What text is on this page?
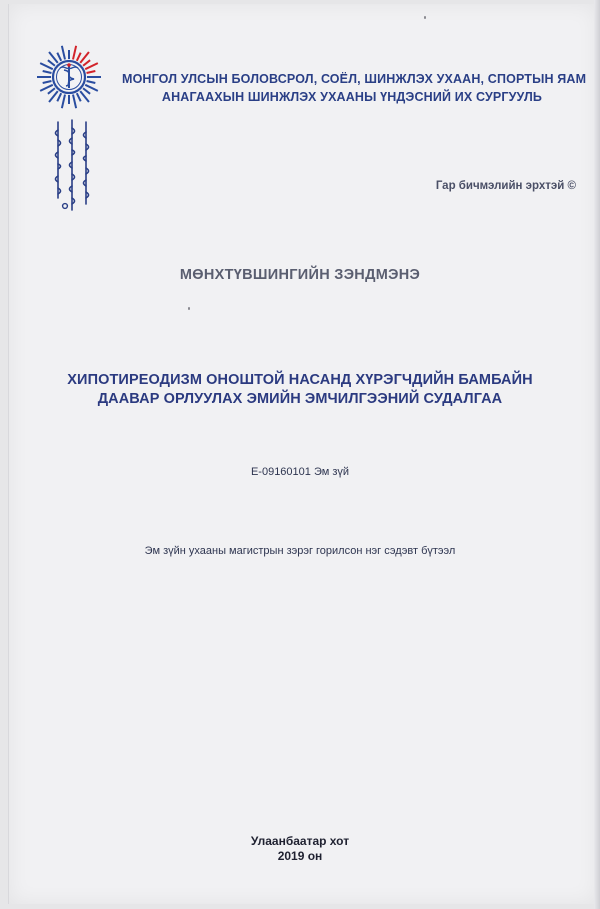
МОНГОЛ УЛСЫН БОЛОВСРОЛ, СОЁЛ, ШИНЖЛЭХ УХААН, СПОРТЫН ЯАМ
АНАГААХЫН ШИНЖЛЭХ УХААНЫ ҮНДЭСНИЙ ИХ СУРГУУЛЬ
Гар бичмэлийн эрхтэй ©
МӨНХТҮВШИНГИЙН ЗЭНДМЭНЭ
ХИПОТИРЕОДИЗМ ОНОШТОЙ НАСАНД ХҮРЭГЧДИЙН БАМБАЙН
ДААВАР ОРЛУУЛАХ ЭМИЙН ЭМЧИЛГЭЭНИЙ СУДАЛГАА
Е-09160101 Эм зүй
Эм зүйн ухааны магистрын зэрэг горилсон нэг сэдэвт бүтээл
Улаанбаатар хот
2019 он
